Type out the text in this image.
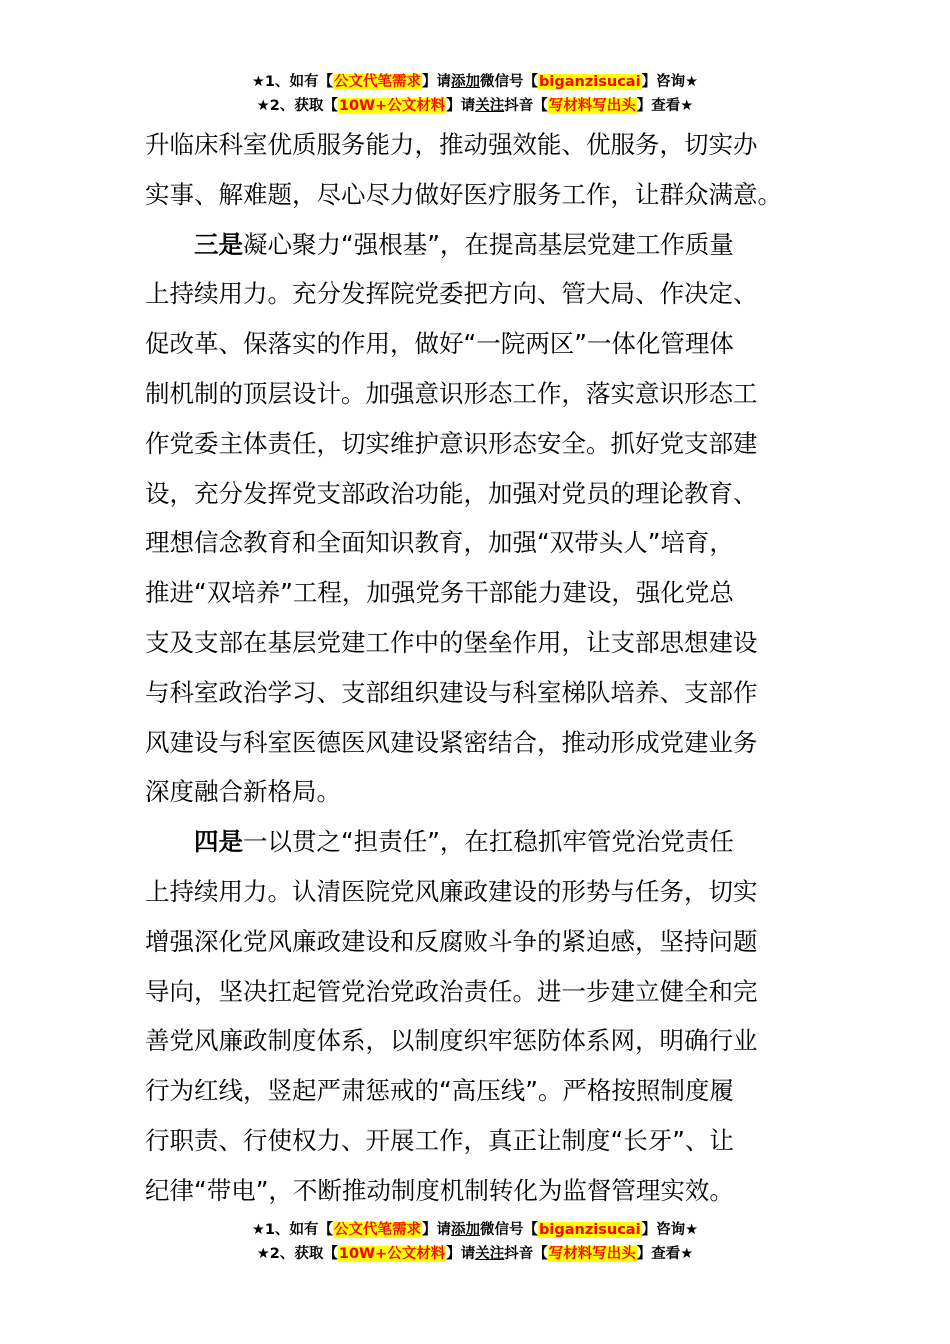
★1、如有【公文代笔需求】请添加微信号【biganzisucai】咨询★
★2、获取【10W+公文材料】请关注抖音【写材料写出头】查看★
升临床科室优质服务能力，推动强效能、优服务，切实办
实事、解难题，尽心尽力做好医疗服务工作，让群众满意。
三是凝心聚力“强根基”，在提高基层党建工作质量
上持续用力。充分发挥院党委把方向、管大局、作决定、
促改革、保落实的作用，做好“一院两区”一体化管理体
制机制的顶层设计。加强意识形态工作，落实意识形态工
作党委主体责任，切实维护意识形态安全。抓好党支部建
设，充分发挥党支部政治功能，加强对党员的理论教育、
理想信念教育和全面知识教育，加强“双带头人”培育，
推进“双培养”工程，加强党务干部能力建设，强化党总
支及支部在基层党建工作中的堡垒作用，让支部思想建设
与科室政治学习、支部组织建设与科室梯队培养、支部作
风建设与科室医德医风建设紧密结合，推动形成党建业务
深度融合新格局。
四是一以贯之“担责任”，在扛稳抓牢管党治党责任
上持续用力。认清医院党风廉政建设的形势与任务，切实
增强深化党风廉政建设和反腐败斗争的紧迫感，坚持问题
导向，坚决扛起管党治党政治责任。进一步建立健全和完
善党风廉政制度体系，以制度织牢惩防体系网，明确行业
行为红线，竖起严肃惩戒的“高压线”。严格按照制度履
行职责、行使权力、开展工作，真正让制度“长牙”、让
纪律“带电”，不断推动制度机制转化为监督管理实效。
★1、如有【公文代笔需求】请添加微信号【biganzisucai】咨询★
★2、获取【10W+公文材料】请关注抖音【写材料写出头】查看★
